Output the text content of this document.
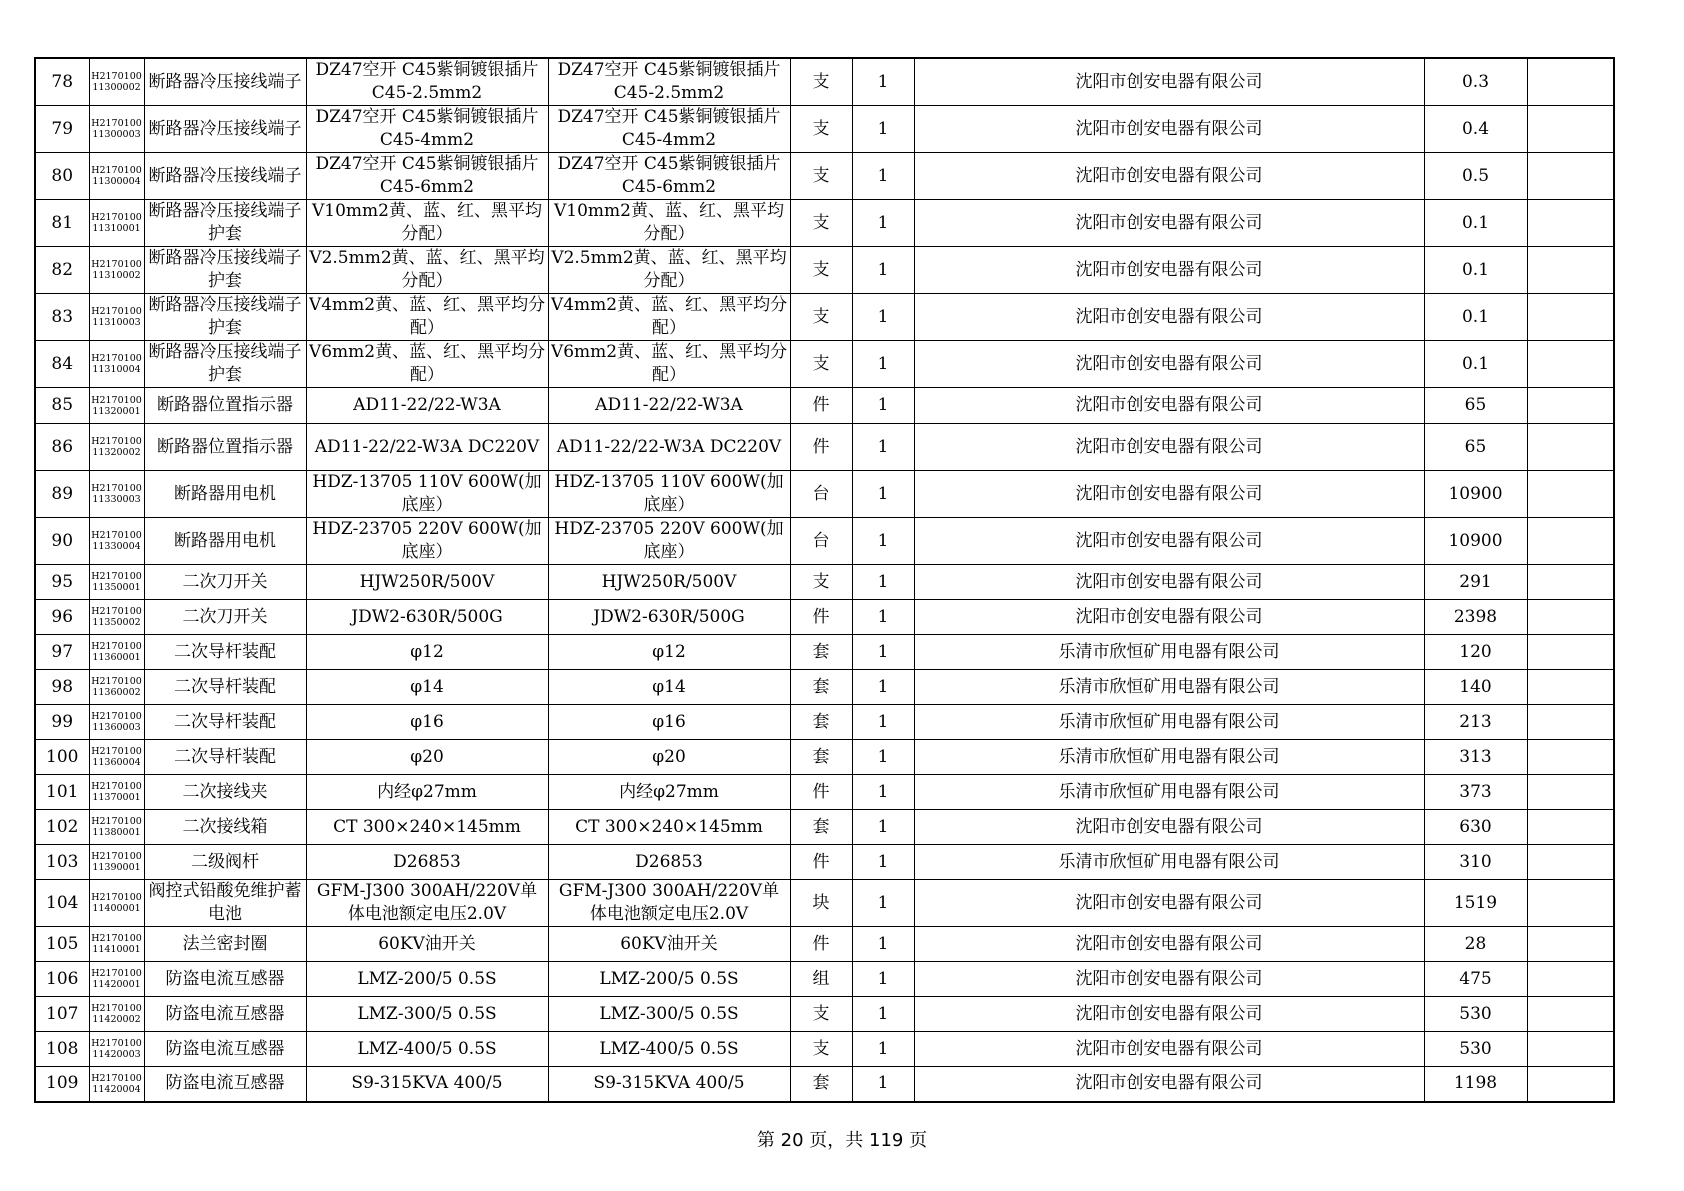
78	H2170100 11300002	断路器冷压接线端子	DZ47空开 C45紫铜镀银插片C45-2.5mm2	DZ47空开 C45紫铜镀银插片C45-2.5mm2	支	1	沈阳市创安电器有限公司	0.3	
79	H2170100 11300003	断路器冷压接线端子	DZ47空开 C45紫铜镀银插片C45-4mm2	DZ47空开 C45紫铜镀银插片C45-4mm2	支	1	沈阳市创安电器有限公司	0.4	
80	H2170100 11300004	断路器冷压接线端子	DZ47空开 C45紫铜镀银插片C45-6mm2	DZ47空开 C45紫铜镀银插片C45-6mm2	支	1	沈阳市创安电器有限公司	0.5	
81	H2170100 11310001	断路器冷压接线端子护套	V10mm2黄、蓝、红、黑平均分配）	V10mm2黄、蓝、红、黑平均分配）	支	1	沈阳市创安电器有限公司	0.1	
82	H2170100 11310002	断路器冷压接线端子护套	V2.5mm2黄、蓝、红、黑平均分配）	V2.5mm2黄、蓝、红、黑平均分配）	支	1	沈阳市创安电器有限公司	0.1	
83	H2170100 11310003	断路器冷压接线端子护套	V4mm2黄、蓝、红、黑平均分配）	V4mm2黄、蓝、红、黑平均分配）	支	1	沈阳市创安电器有限公司	0.1	
84	H2170100 11310004	断路器冷压接线端子护套	V6mm2黄、蓝、红、黑平均分配）	V6mm2黄、蓝、红、黑平均分配）	支	1	沈阳市创安电器有限公司	0.1	
85	H2170100 11320001	断路器位置指示器	AD11-22/22-W3A	AD11-22/22-W3A	件	1	沈阳市创安电器有限公司	65	
86	H2170100 11320002	断路器位置指示器	AD11-22/22-W3A DC220V	AD11-22/22-W3A DC220V	件	1	沈阳市创安电器有限公司	65	
89	H2170100 11330003	断路器用电机	HDZ-13705 110V 600W(加底座）	HDZ-13705 110V 600W(加底座）	台	1	沈阳市创安电器有限公司	10900	
90	H2170100 11330004	断路器用电机	HDZ-23705 220V 600W(加底座）	HDZ-23705 220V 600W(加底座）	台	1	沈阳市创安电器有限公司	10900	
95	H2170100 11350001	二次刀开关	HJW250R/500V	HJW250R/500V	支	1	沈阳市创安电器有限公司	291	
96	H2170100 11350002	二次刀开关	JDW2-630R/500G	JDW2-630R/500G	件	1	沈阳市创安电器有限公司	2398	
97	H2170100 11360001	二次导杆装配	φ12	φ12	套	1	乐清市欣恒矿用电器有限公司	120	
98	H2170100 11360002	二次导杆装配	φ14	φ14	套	1	乐清市欣恒矿用电器有限公司	140	
99	H2170100 11360003	二次导杆装配	φ16	φ16	套	1	乐清市欣恒矿用电器有限公司	213	
100	H2170100 11360004	二次导杆装配	φ20	φ20	套	1	乐清市欣恒矿用电器有限公司	313	
101	H2170100 11370001	二次接线夹	内经φ27mm	内经φ27mm	件	1	乐清市欣恒矿用电器有限公司	373	
102	H2170100 11380001	二次接线箱	CT 300×240×145mm	CT 300×240×145mm	套	1	沈阳市创安电器有限公司	630	
103	H2170100 11390001	二级阀杆	D26853	D26853	件	1	乐清市欣恒矿用电器有限公司	310	
104	H2170100 11400001	阀控式铅酸免维护蓄电池	GFM-J300 300AH/220V单体电池额定电压2.0V	GFM-J300 300AH/220V单体电池额定电压2.0V	块	1	沈阳市创安电器有限公司	1519	
105	H2170100 11410001	法兰密封圈	60KV油开关	60KV油开关	件	1	沈阳市创安电器有限公司	28	
106	H2170100 11420001	防盗电流互感器	LMZ-200/5 0.5S	LMZ-200/5 0.5S	组	1	沈阳市创安电器有限公司	475	
107	H2170100 11420002	防盗电流互感器	LMZ-300/5 0.5S	LMZ-300/5 0.5S	支	1	沈阳市创安电器有限公司	530	
108	H2170100 11420003	防盗电流互感器	LMZ-400/5 0.5S	LMZ-400/5 0.5S	支	1	沈阳市创安电器有限公司	530	
109	H2170100 11420004	防盗电流互感器	S9-315KVA 400/5	S9-315KVA 400/5	套	1	沈阳市创安电器有限公司	1198	
第 20 页，共 119 页
